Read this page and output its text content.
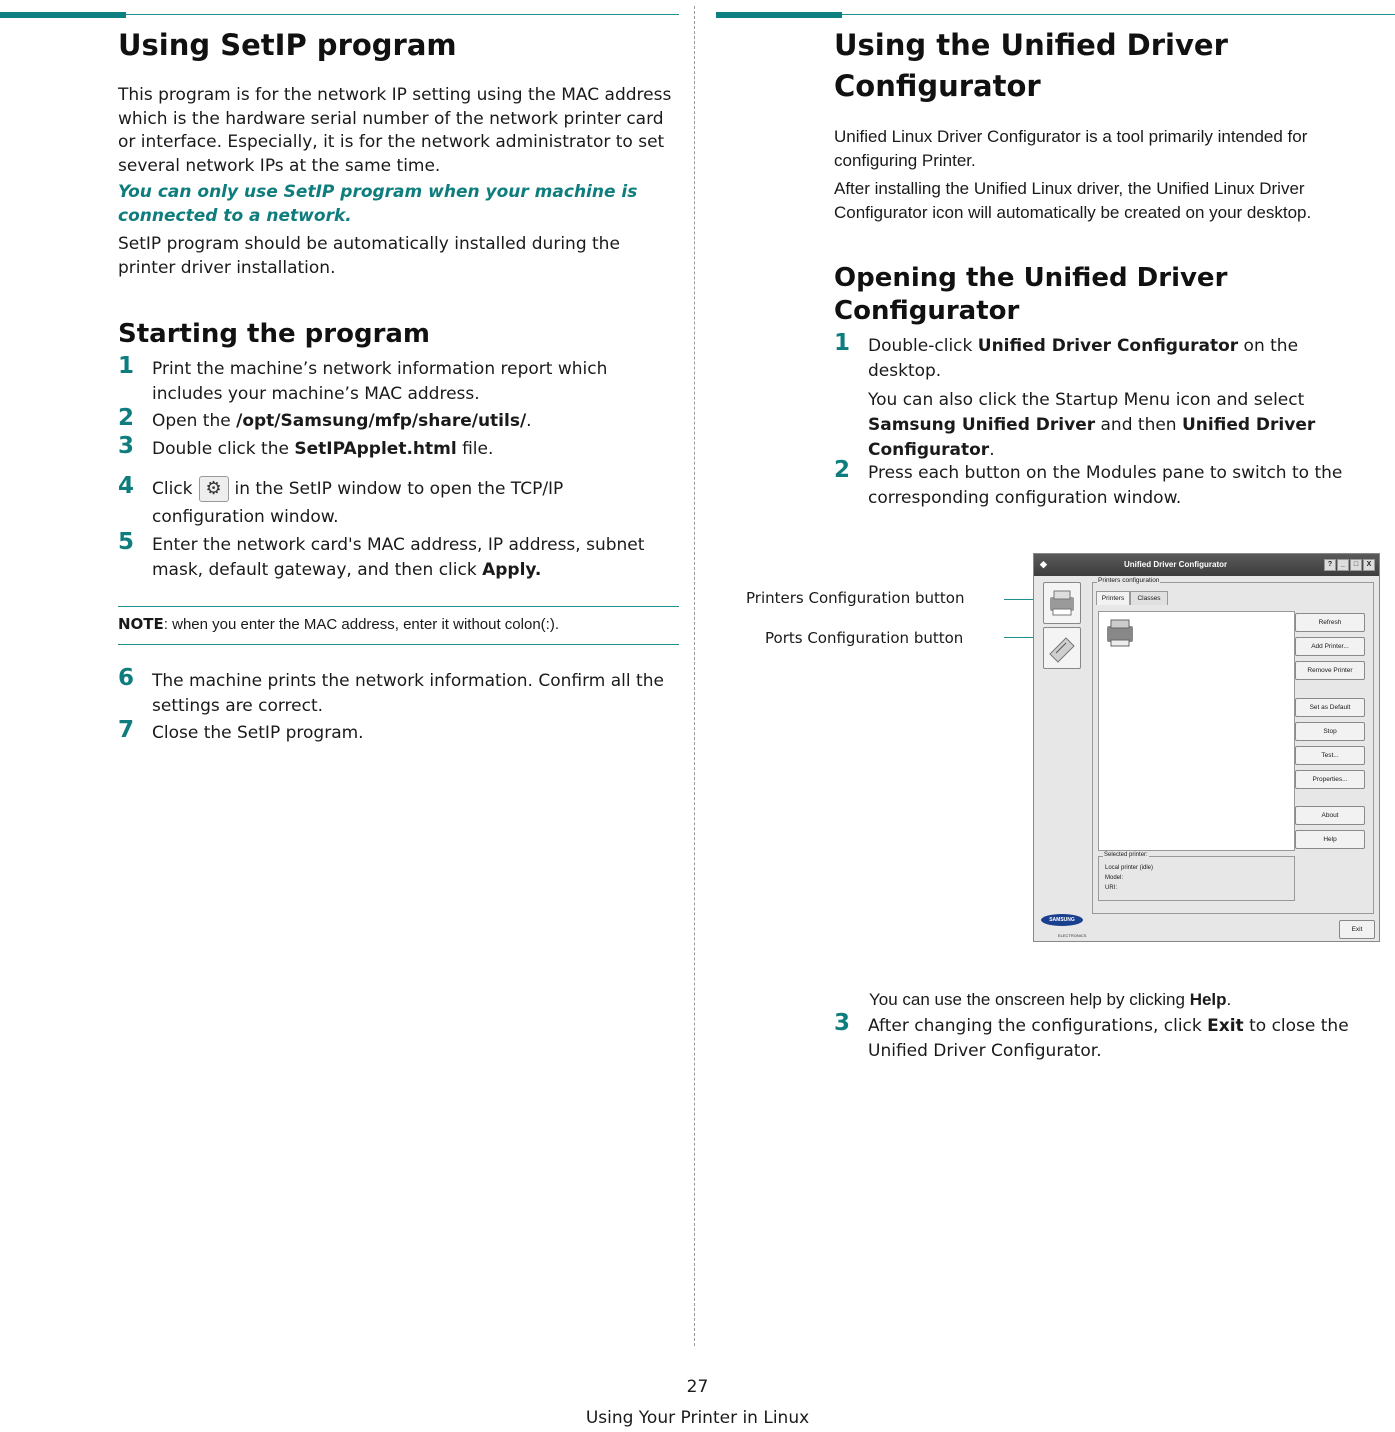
Using SetIP program

This program is for the network IP setting using the MAC address which is the hardware serial number of the network printer card or interface. Especially, it is for the network administrator to set several network IPs at the same time.

You can only use SetIP program when your machine is connected to a network.

SetIP program should be automatically installed during the printer driver installation.

Starting the program
1 Print the machine’s network information report which includes your machine’s MAC address.
2 Open the /opt/Samsung/mfp/share/utils/.
3 Double click the SetIPApplet.html file.
4 Click ⚙ in the SetIP window to open the TCP/IP configuration window.
5 Enter the network card's MAC address, IP address, subnet mask, default gateway, and then click Apply.
NOTE: when you enter the MAC address, enter it without colon(:).
6 The machine prints the network information. Confirm all the settings are correct.
7 Close the SetIP program.
Using the Unified Driver
Configurator

Unified Linux Driver Configurator is a tool primarily intended for configuring Printer.

After installing the Unified Linux driver, the Unified Linux Driver Configurator icon will automatically be created on your desktop.

Opening the Unified Driver
Configurator
1 Double-click Unified Driver Configurator on the desktop.
You can also click the Startup Menu icon and select Samsung Unified Driver and then Unified Driver Configurator.
2 Press each button on the Modules pane to switch to the corresponding configuration window.
Printers Configuration button
Ports Configuration button
◆	Unified Driver Configurator	?	_	□	X
Printers configuration
Printers	Classes
Refresh
Add Printer...
Remove Printer
Set as Default
Stop
Test...
Properties...
About
Help
Selected printer:
Local printer (idle)
Model:
URI:
SAMSUNG
ELECTRONICS
Exit

You can use the onscreen help by clicking Help.

3 After changing the configurations, click Exit to close the Unified Driver Configurator.
27
Using Your Printer in Linux
